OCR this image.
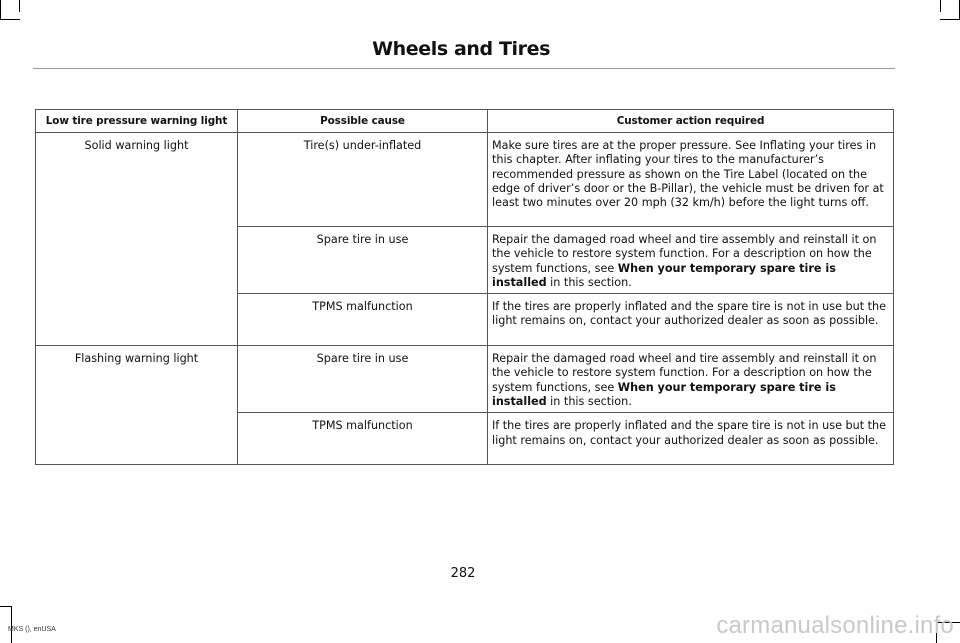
Wheels and Tires
Low tire pressure warning light	Possible cause	Customer action required
Solid warning light	Tire(s) under-inflated	Make sure tires are at the proper pressure. See Inflating your tires in this chapter. After inflating your tires to the manufacturer’s recommended pressure as shown on the Tire Label (located on the edge of driver’s door or the B-Pillar), the vehicle must be driven for at least two minutes over 20 mph (32 km/h) before the light turns off.
	Spare tire in use	Repair the damaged road wheel and tire assembly and reinstall it on the vehicle to restore system function. For a description on how the system functions, see When your temporary spare tire is installed in this section.
	TPMS malfunction	If the tires are properly inflated and the spare tire is not in use but the light remains on, contact your authorized dealer as soon as possible.
Flashing warning light	Spare tire in use	Repair the damaged road wheel and tire assembly and reinstall it on the vehicle to restore system function. For a description on how the system functions, see When your temporary spare tire is installed in this section.
	TPMS malfunction	If the tires are properly inflated and the spare tire is not in use but the light remains on, contact your authorized dealer as soon as possible.
282
MKS (), enUSA	carmanualsonline.info
